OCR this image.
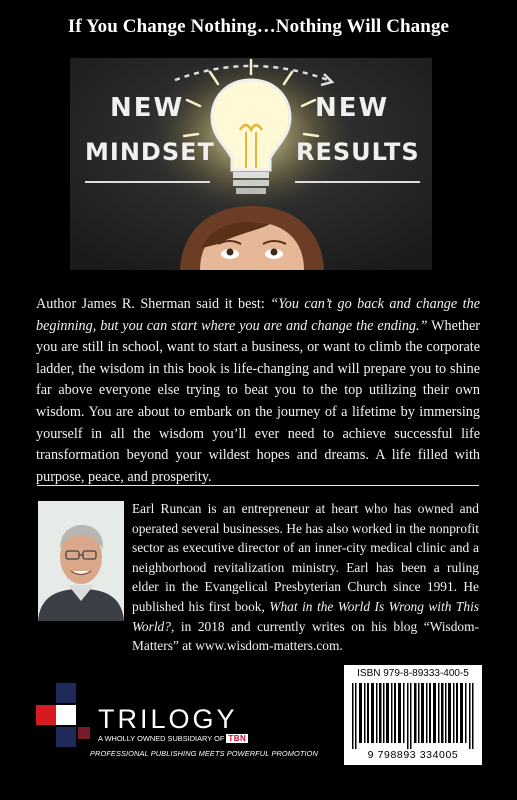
If You Change Nothing…Nothing Will Change
NEW
MINDSET
NEW
RESULTS
Author James R. Sherman said it best: “You can’t go back and change the beginning, but you can start where you are and change the ending.” Whether you are still in school, want to start a business, or want to climb the corporate ladder, the wisdom in this book is life-changing and will prepare you to shine far above everyone else trying to beat you to the top utilizing their own wisdom. You are about to embark on the journey of a lifetime by immersing yourself in all the wisdom you’ll ever need to achieve successful life transformation beyond your wildest hopes and dreams. A life filled with purpose, peace, and prosperity.
Earl Runcan is an entrepreneur at heart who has owned and operated several businesses. He has also worked in the nonprofit sector as executive director of an inner-city medical clinic and a neighborhood revitalization ministry. Earl has been a ruling elder in the Evangelical Presbyterian Church since 1991. He published his first book, What in the World Is Wrong with This World?, in 2018 and currently writes on his blog “Wisdom-Matters” at www.wisdom-matters.com.
TRILOGY
A WHOLLY OWNED SUBSIDIARY OF TBN
PROFESSIONAL PUBLISHING MEETS POWERFUL PROMOTION
ISBN 979-8-89333-400-5
9 798893 334005
